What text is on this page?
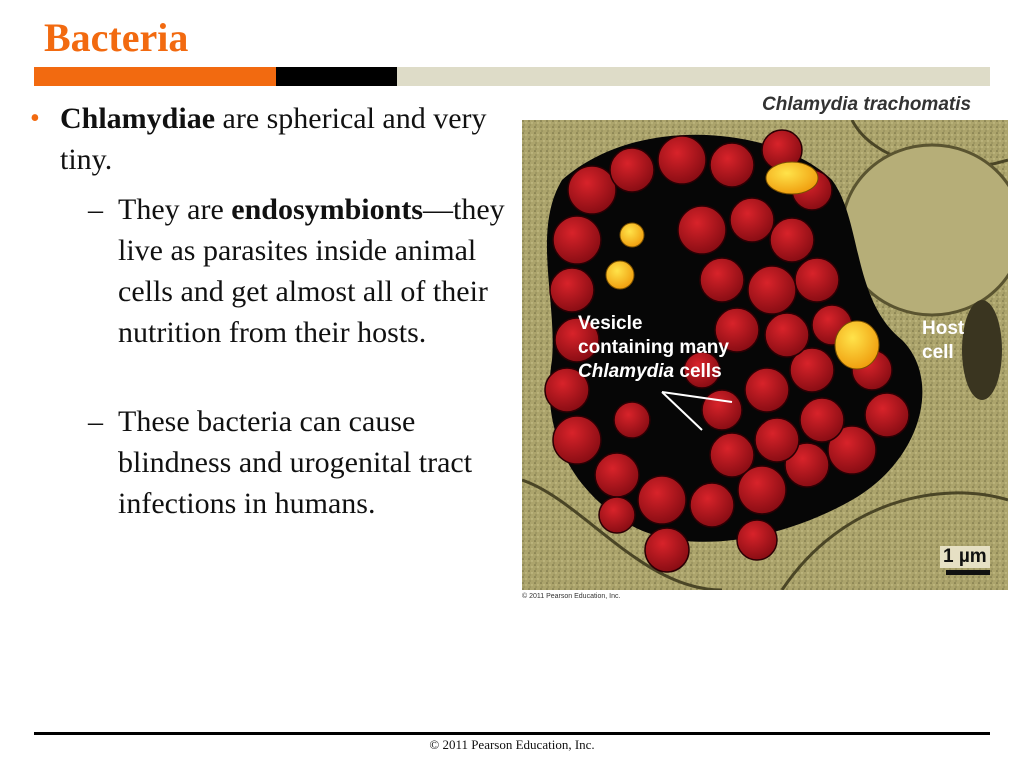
Bacteria
• Chlamydiae are spherical and very tiny.
– They are endosymbionts—they live as parasites inside animal cells and get almost all of their nutrition from their hosts.
– These bacteria can cause blindness and urogenital tract infections in humans.
Chlamydia trachomatis
Vesicle
containing many
Chlamydia cells
Host
cell
1 µm
© 2011 Pearson Education, Inc.
© 2011 Pearson Education, Inc.
